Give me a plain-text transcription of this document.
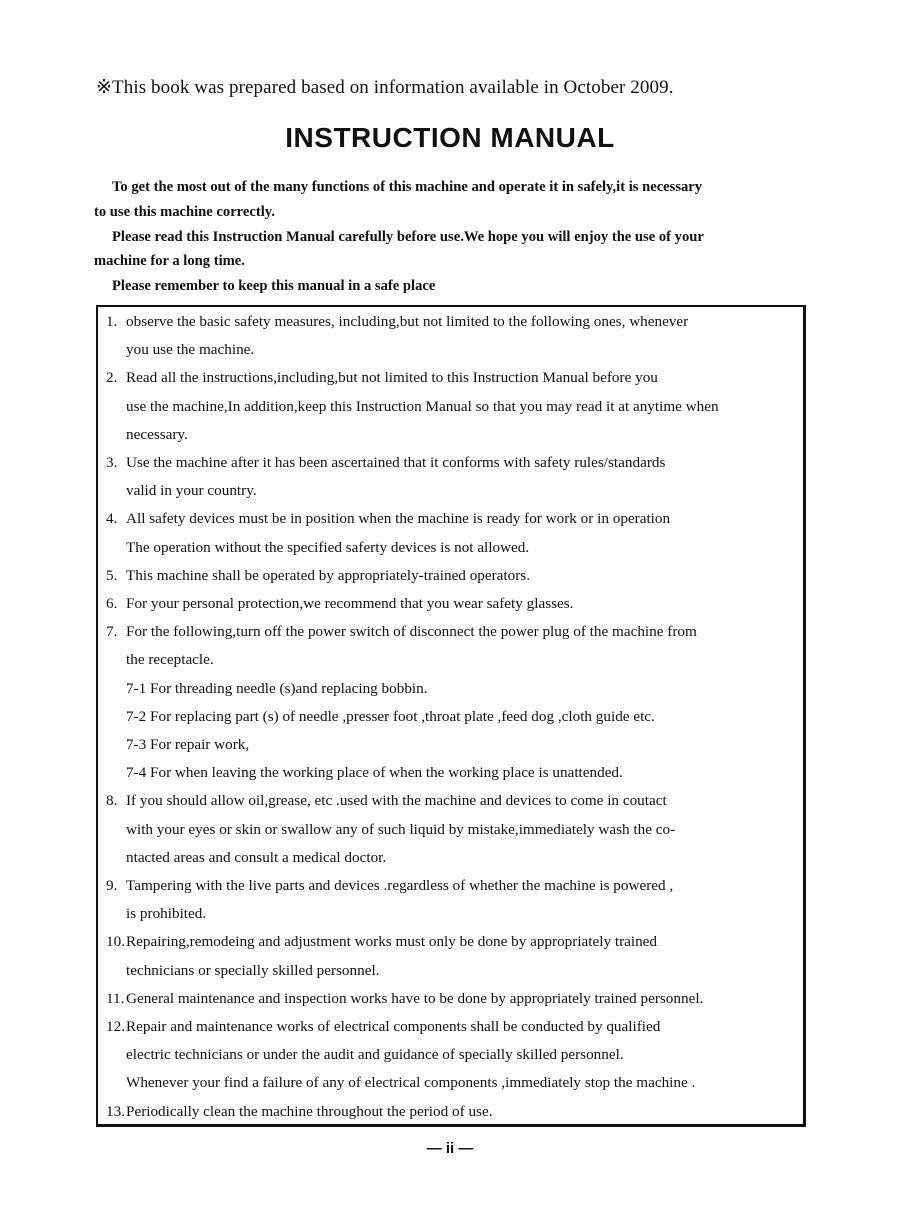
※This book was prepared based on information available in October 2009.
INSTRUCTION MANUAL

To get the most out of the many functions of this machine and operate it in safely,it is necessary

to use this machine correctly.

Please read this Instruction Manual carefully before use.We hope you will enjoy the use of your

machine for a long time.

Please remember to keep this manual in a safe place

1. observe the basic safety measures, including,but not limited to the following ones, whenever
you use the machine.
2. Read all the instructions,including,but not limited to this Instruction Manual before you
use the machine,In addition,keep this Instruction Manual so that you may read it at anytime when
necessary.
3. Use the machine after it has been ascertained that it conforms with safety rules/standards
valid in your country.
4. All safety devices must be in position when the machine is ready for work or in operation
The operation without the specified saferty devices is not allowed.
5. This machine shall be operated by appropriately-trained operators.
6. For your personal protection,we recommend that you wear safety glasses.
7. For the following,turn off the power switch of disconnect the power plug of the machine from
the receptacle.
7-1 For threading needle (s)and replacing bobbin.
7-2 For replacing part (s) of needle ,presser foot ,throat plate ,feed dog ,cloth guide etc.
7-3 For repair work,
7-4 For when leaving the working place of when the working place is unattended.
8. If you should allow oil,grease, etc .used with the machine and devices to come in coutact
with your eyes or skin or swallow any of such liquid by mistake,immediately wash the co-
ntacted areas and consult a medical doctor.
9. Tampering with the live parts and devices .regardless of whether the machine is powered ,
is prohibited.
10. Repairing,remodeing and adjustment works must only be done by appropriately trained
technicians or specially skilled personnel.
11. General maintenance and inspection works have to be done by appropriately trained personnel.
12. Repair and maintenance works of electrical components shall be conducted by qualified
electric technicians or under the audit and guidance of specially skilled personnel.
Whenever your find a failure of any of electrical components ,immediately stop the machine .
13. Periodically clean the machine throughout the period of use.
— ii —
